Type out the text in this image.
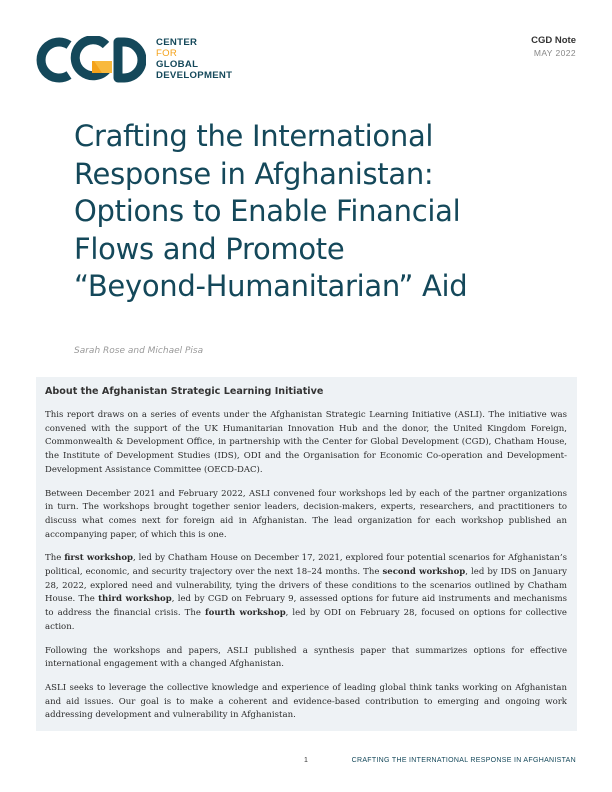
CENTER
FOR
GLOBAL
DEVELOPMENT
CGD Note
MAY 2022
Crafting the International
Response in Afghanistan:
Options to Enable Financial
Flows and Promote
“Beyond-Humanitarian” Aid
Sarah Rose and Michael Pisa
About the Afghanistan Strategic Learning Initiative

This report draws on a series of events under the Afghanistan Strategic Learning Initiative (ASLI). The initiative was convened with the support of the UK Humanitarian Innovation Hub and the donor, the United Kingdom Foreign, Commonwealth & Development Office, in partnership with the Center for Global Development (CGD), Chatham House, the Institute of Development Studies (IDS), ODI and the Organisation for Economic Co-operation and Development-Development Assistance Committee (OECD-DAC).

Between December 2021 and February 2022, ASLI convened four workshops led by each of the partner organizations in turn. The workshops brought together senior leaders, decision-makers, experts, researchers, and practitioners to discuss what comes next for foreign aid in Afghanistan. The lead organization for each workshop published an accompanying paper, of which this is one.

The first workshop, led by Chatham House on December 17, 2021, explored four potential scenarios for Afghanistan’s political, economic, and security trajectory over the next 18–24 months. The second workshop, led by IDS on January 28, 2022, explored need and vulnerability, tying the drivers of these conditions to the scenarios outlined by Chatham House. The third workshop, led by CGD on February 9, assessed options for future aid instruments and mechanisms to address the financial crisis. The fourth workshop, led by ODI on February 28, focused on options for collective action.

Following the workshops and papers, ASLI published a synthesis paper that summarizes options for effective international engagement with a changed Afghanistan.

ASLI seeks to leverage the collective knowledge and experience of leading global think tanks working on Afghanistan and aid issues. Our goal is to make a coherent and evidence-based contribution to emerging and ongoing work addressing development and vulnerability in Afghanistan.

1	CRAFTING THE INTERNATIONAL RESPONSE IN AFGHANISTAN
